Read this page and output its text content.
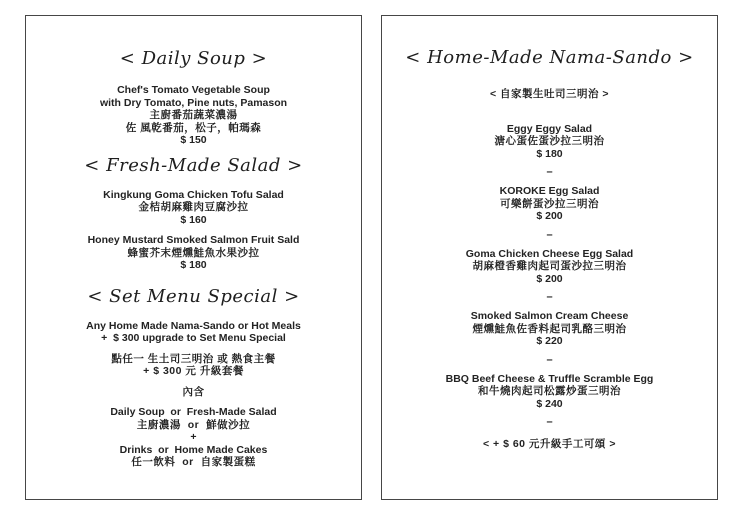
< Daily Soup >

Chef's Tomato Vegetable Soup

with Dry Tomato, Pine nuts, Pamason

主廚番茄蔬菜濃湯

佐 風乾番茄，松子，帕瑪森

$ 150

< Fresh-Made Salad >

Kingkung Goma Chicken Tofu Salad

金桔胡麻雞肉豆腐沙拉

$ 160

Honey Mustard Smoked Salmon Fruit Sald

蜂蜜芥末煙燻鮭魚水果沙拉

$ 180

< Set Menu Special >

Any Home Made Nama-Sando or Hot Meals

+  $ 300 upgrade to Set Menu Special

點任一 生土司三明治 或 熱食主餐

+ $ 300 元 升級套餐

內含

Daily Soup  or  Fresh-Made Salad

主廚濃湯  or  鮮做沙拉

+

Drinks  or  Home Made Cakes

任一飲料  or  自家製蛋糕

< Home-Made Nama-Sando >

< 自家製生吐司三明治 >

Eggy Eggy Salad

溏心蛋佐蛋沙拉三明治

$ 180

–

KOROKE Egg Salad

可樂餅蛋沙拉三明治

$ 200

–

Goma Chicken Cheese Egg Salad

胡麻橙香雞肉起司蛋沙拉三明治

$ 200

–

Smoked Salmon Cream Cheese

煙燻鮭魚佐香料起司乳酪三明治

$ 220

–

BBQ Beef Cheese & Truffle Scramble Egg

和牛燒肉起司松露炒蛋三明治

$ 240

–

< + $ 60 元升級手工可頌 >
